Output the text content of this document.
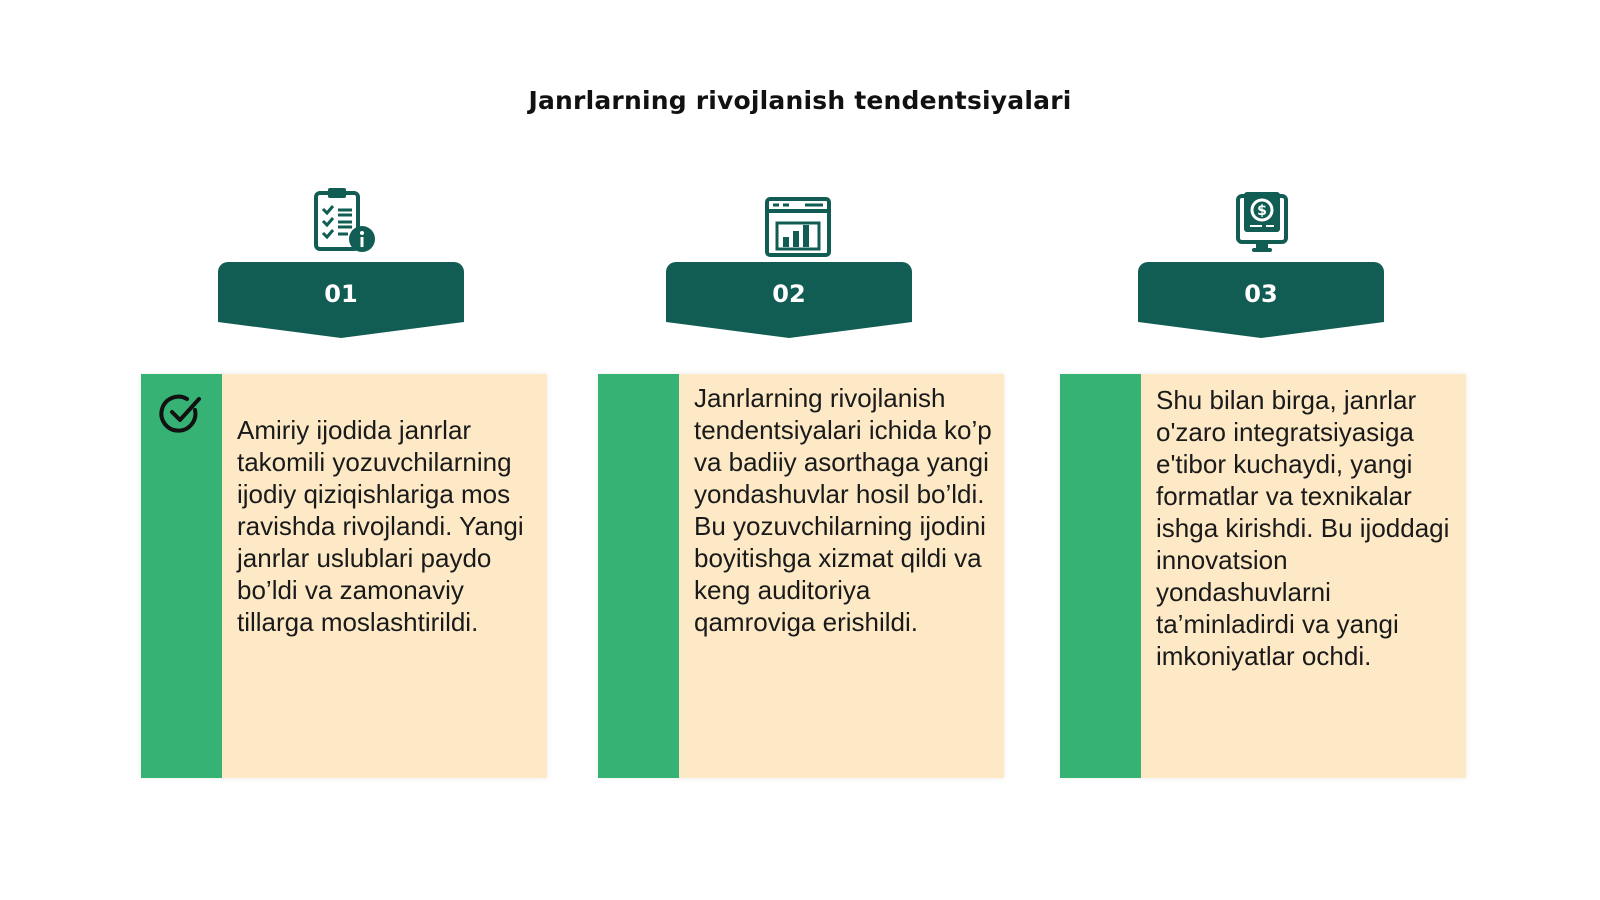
Janrlarning rivojlanish tendentsiyalari
01
Amiriy ijodida janrlar takomili yozuvchilarning ijodiy qiziqishlariga mos ravishda rivojlandi. Yangi janrlar uslublari paydo bo’ldi va zamonaviy tillarga moslashtirildi.
02
Janrlarning rivojlanish tendentsiyalari ichida ko’p va badiiy asorthaga yangi yondashuvlar hosil bo’ldi. Bu yozuvchilarning ijodini boyitishga xizmat qildi va keng auditoriya qamroviga erishildi.
$
03
Shu bilan birga, janrlar o'zaro integratsiyasiga e'tibor kuchaydi, yangi formatlar va texnikalar ishga kirishdi. Bu ijoddagi innovatsion yondashuvlarni ta’minladirdi va yangi imkoniyatlar ochdi.
